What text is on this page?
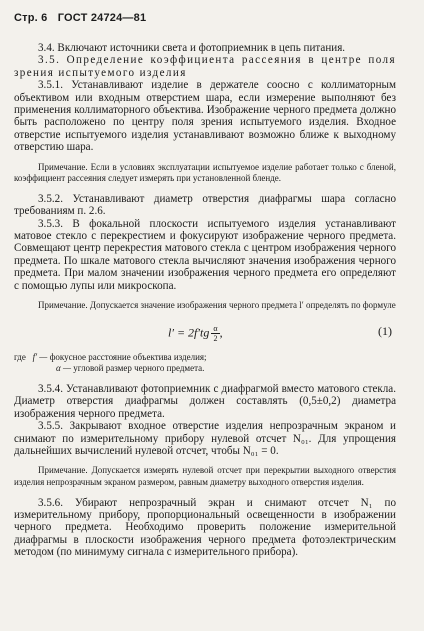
Стр. 6 ГОСТ 24724—81

3.4. Включают источники света и фотоприемник в цепь питания.

3.5. Определение коэффициента рассеяния в центре поля зрения испытуемого изделия

3.5.1. Устанавливают изделие в держателе соосно с коллиматорным объективом или входным отверстием шара, если измерение выполняют без применения коллиматорного объектива. Изображение черного предмета должно быть расположено по центру поля зрения испытуемого изделия. Входное отверстие испытуемого изделия устанавливают возможно ближе к выходному отверстию шара.

Примечание. Если в условиях эксплуатации испытуемое изделие работает только с бленой, коэффициент рассеяния следует измерять при установленной бленде.

3.5.2. Устанавливают диаметр отверстия диафрагмы шара согласно требованиям п. 2.6.

3.5.3. В фокальной плоскости испытуемого изделия устанавливают матовое стекло с перекрестием и фокусируют изображение черного предмета. Совмещают центр перекрестия матового стекла с центром изображения черного предмета. По шкале матового стекла вычисляют значения изображения черного предмета. При малом значении изображения черного предмета его определяют с помощью лупы или микроскопа.

Примечание. Допускается значение изображения черного предмета l′ определять по формуле

$l' = 2f'tg \frac{\alpha}{2}$ ,	(1)
где f′ — фокусное расстояние объектива изделия;
α — угловой размер черного предмета.

3.5.4. Устанавливают фотоприемник с диафрагмой вместо матового стекла. Диаметр отверстия диафрагмы должен составлять (0,5±0,2) диаметра изображения черного предмета.

3.5.5. Закрывают входное отверстие изделия непрозрачным экраном и снимают по измерительному прибору нулевой отсчет N₀₁. Для упрощения дальнейших вычислений нулевой отсчет, чтобы N₀₁ = 0.

Примечание. Допускается измерять нулевой отсчет при перекрытии выходного отверстия изделия непрозрачным экраном размером, равным диаметру выходного отверстия изделия.

3.5.6. Убирают непрозрачный экран и снимают отсчет N₁ по измерительному прибору, пропорциональный освещенности в изображении черного предмета. Необходимо проверить положение измерительной диафрагмы в плоскости изображения черного предмета фотоэлектрическим методом (по минимуму сигнала с измерительного прибора).
